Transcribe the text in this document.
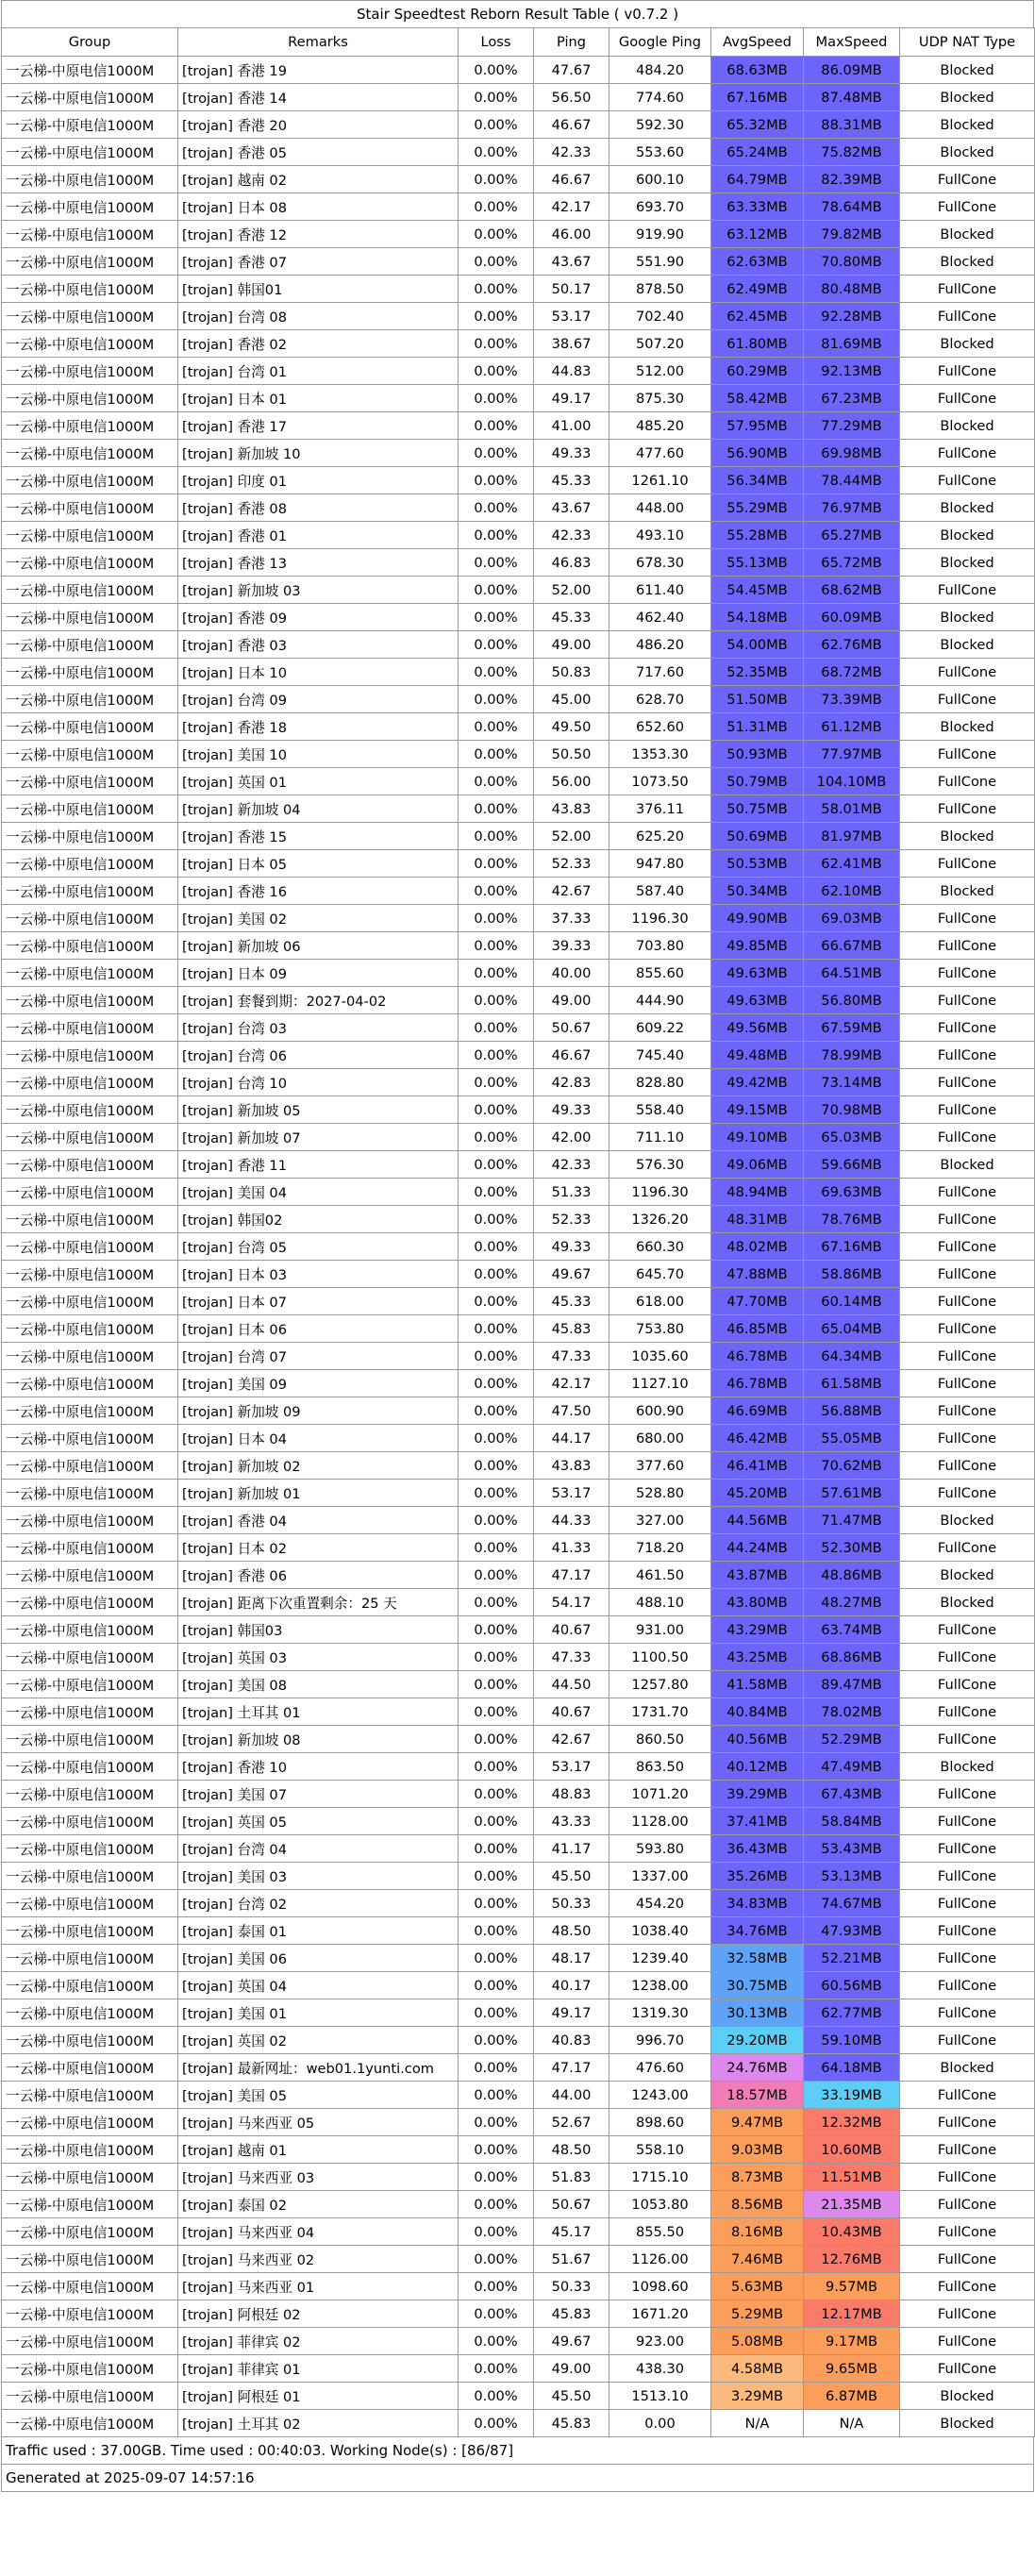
Stair Speedtest Reborn Result Table ( v0.7.2 )
Group	Remarks	Loss	Ping	Google Ping	AvgSpeed	MaxSpeed	UDP NAT Type
一云梯-中原电信1000M	[trojan] 香港 19	0.00%	47.67	484.20	68.63MB	86.09MB	Blocked
一云梯-中原电信1000M	[trojan] 香港 14	0.00%	56.50	774.60	67.16MB	87.48MB	Blocked
一云梯-中原电信1000M	[trojan] 香港 20	0.00%	46.67	592.30	65.32MB	88.31MB	Blocked
一云梯-中原电信1000M	[trojan] 香港 05	0.00%	42.33	553.60	65.24MB	75.82MB	Blocked
一云梯-中原电信1000M	[trojan] 越南 02	0.00%	46.67	600.10	64.79MB	82.39MB	FullCone
一云梯-中原电信1000M	[trojan] 日本 08	0.00%	42.17	693.70	63.33MB	78.64MB	FullCone
一云梯-中原电信1000M	[trojan] 香港 12	0.00%	46.00	919.90	63.12MB	79.82MB	Blocked
一云梯-中原电信1000M	[trojan] 香港 07	0.00%	43.67	551.90	62.63MB	70.80MB	Blocked
一云梯-中原电信1000M	[trojan] 韩国01	0.00%	50.17	878.50	62.49MB	80.48MB	FullCone
一云梯-中原电信1000M	[trojan] 台湾 08	0.00%	53.17	702.40	62.45MB	92.28MB	FullCone
一云梯-中原电信1000M	[trojan] 香港 02	0.00%	38.67	507.20	61.80MB	81.69MB	Blocked
一云梯-中原电信1000M	[trojan] 台湾 01	0.00%	44.83	512.00	60.29MB	92.13MB	FullCone
一云梯-中原电信1000M	[trojan] 日本 01	0.00%	49.17	875.30	58.42MB	67.23MB	FullCone
一云梯-中原电信1000M	[trojan] 香港 17	0.00%	41.00	485.20	57.95MB	77.29MB	Blocked
一云梯-中原电信1000M	[trojan] 新加坡 10	0.00%	49.33	477.60	56.90MB	69.98MB	FullCone
一云梯-中原电信1000M	[trojan] 印度 01	0.00%	45.33	1261.10	56.34MB	78.44MB	FullCone
一云梯-中原电信1000M	[trojan] 香港 08	0.00%	43.67	448.00	55.29MB	76.97MB	Blocked
一云梯-中原电信1000M	[trojan] 香港 01	0.00%	42.33	493.10	55.28MB	65.27MB	Blocked
一云梯-中原电信1000M	[trojan] 香港 13	0.00%	46.83	678.30	55.13MB	65.72MB	Blocked
一云梯-中原电信1000M	[trojan] 新加坡 03	0.00%	52.00	611.40	54.45MB	68.62MB	FullCone
一云梯-中原电信1000M	[trojan] 香港 09	0.00%	45.33	462.40	54.18MB	60.09MB	Blocked
一云梯-中原电信1000M	[trojan] 香港 03	0.00%	49.00	486.20	54.00MB	62.76MB	Blocked
一云梯-中原电信1000M	[trojan] 日本 10	0.00%	50.83	717.60	52.35MB	68.72MB	FullCone
一云梯-中原电信1000M	[trojan] 台湾 09	0.00%	45.00	628.70	51.50MB	73.39MB	FullCone
一云梯-中原电信1000M	[trojan] 香港 18	0.00%	49.50	652.60	51.31MB	61.12MB	Blocked
一云梯-中原电信1000M	[trojan] 美国 10	0.00%	50.50	1353.30	50.93MB	77.97MB	FullCone
一云梯-中原电信1000M	[trojan] 英国 01	0.00%	56.00	1073.50	50.79MB	104.10MB	FullCone
一云梯-中原电信1000M	[trojan] 新加坡 04	0.00%	43.83	376.11	50.75MB	58.01MB	FullCone
一云梯-中原电信1000M	[trojan] 香港 15	0.00%	52.00	625.20	50.69MB	81.97MB	Blocked
一云梯-中原电信1000M	[trojan] 日本 05	0.00%	52.33	947.80	50.53MB	62.41MB	FullCone
一云梯-中原电信1000M	[trojan] 香港 16	0.00%	42.67	587.40	50.34MB	62.10MB	Blocked
一云梯-中原电信1000M	[trojan] 美国 02	0.00%	37.33	1196.30	49.90MB	69.03MB	FullCone
一云梯-中原电信1000M	[trojan] 新加坡 06	0.00%	39.33	703.80	49.85MB	66.67MB	FullCone
一云梯-中原电信1000M	[trojan] 日本 09	0.00%	40.00	855.60	49.63MB	64.51MB	FullCone
一云梯-中原电信1000M	[trojan] 套餐到期：2027-04-02	0.00%	49.00	444.90	49.63MB	56.80MB	FullCone
一云梯-中原电信1000M	[trojan] 台湾 03	0.00%	50.67	609.22	49.56MB	67.59MB	FullCone
一云梯-中原电信1000M	[trojan] 台湾 06	0.00%	46.67	745.40	49.48MB	78.99MB	FullCone
一云梯-中原电信1000M	[trojan] 台湾 10	0.00%	42.83	828.80	49.42MB	73.14MB	FullCone
一云梯-中原电信1000M	[trojan] 新加坡 05	0.00%	49.33	558.40	49.15MB	70.98MB	FullCone
一云梯-中原电信1000M	[trojan] 新加坡 07	0.00%	42.00	711.10	49.10MB	65.03MB	FullCone
一云梯-中原电信1000M	[trojan] 香港 11	0.00%	42.33	576.30	49.06MB	59.66MB	Blocked
一云梯-中原电信1000M	[trojan] 美国 04	0.00%	51.33	1196.30	48.94MB	69.63MB	FullCone
一云梯-中原电信1000M	[trojan] 韩国02	0.00%	52.33	1326.20	48.31MB	78.76MB	FullCone
一云梯-中原电信1000M	[trojan] 台湾 05	0.00%	49.33	660.30	48.02MB	67.16MB	FullCone
一云梯-中原电信1000M	[trojan] 日本 03	0.00%	49.67	645.70	47.88MB	58.86MB	FullCone
一云梯-中原电信1000M	[trojan] 日本 07	0.00%	45.33	618.00	47.70MB	60.14MB	FullCone
一云梯-中原电信1000M	[trojan] 日本 06	0.00%	45.83	753.80	46.85MB	65.04MB	FullCone
一云梯-中原电信1000M	[trojan] 台湾 07	0.00%	47.33	1035.60	46.78MB	64.34MB	FullCone
一云梯-中原电信1000M	[trojan] 美国 09	0.00%	42.17	1127.10	46.78MB	61.58MB	FullCone
一云梯-中原电信1000M	[trojan] 新加坡 09	0.00%	47.50	600.90	46.69MB	56.88MB	FullCone
一云梯-中原电信1000M	[trojan] 日本 04	0.00%	44.17	680.00	46.42MB	55.05MB	FullCone
一云梯-中原电信1000M	[trojan] 新加坡 02	0.00%	43.83	377.60	46.41MB	70.62MB	FullCone
一云梯-中原电信1000M	[trojan] 新加坡 01	0.00%	53.17	528.80	45.20MB	57.61MB	FullCone
一云梯-中原电信1000M	[trojan] 香港 04	0.00%	44.33	327.00	44.56MB	71.47MB	Blocked
一云梯-中原电信1000M	[trojan] 日本 02	0.00%	41.33	718.20	44.24MB	52.30MB	FullCone
一云梯-中原电信1000M	[trojan] 香港 06	0.00%	47.17	461.50	43.87MB	48.86MB	Blocked
一云梯-中原电信1000M	[trojan] 距离下次重置剩余：25 天	0.00%	54.17	488.10	43.80MB	48.27MB	Blocked
一云梯-中原电信1000M	[trojan] 韩国03	0.00%	40.67	931.00	43.29MB	63.74MB	FullCone
一云梯-中原电信1000M	[trojan] 英国 03	0.00%	47.33	1100.50	43.25MB	68.86MB	FullCone
一云梯-中原电信1000M	[trojan] 美国 08	0.00%	44.50	1257.80	41.58MB	89.47MB	FullCone
一云梯-中原电信1000M	[trojan] 土耳其 01	0.00%	40.67	1731.70	40.84MB	78.02MB	FullCone
一云梯-中原电信1000M	[trojan] 新加坡 08	0.00%	42.67	860.50	40.56MB	52.29MB	FullCone
一云梯-中原电信1000M	[trojan] 香港 10	0.00%	53.17	863.50	40.12MB	47.49MB	Blocked
一云梯-中原电信1000M	[trojan] 美国 07	0.00%	48.83	1071.20	39.29MB	67.43MB	FullCone
一云梯-中原电信1000M	[trojan] 英国 05	0.00%	43.33	1128.00	37.41MB	58.84MB	FullCone
一云梯-中原电信1000M	[trojan] 台湾 04	0.00%	41.17	593.80	36.43MB	53.43MB	FullCone
一云梯-中原电信1000M	[trojan] 美国 03	0.00%	45.50	1337.00	35.26MB	53.13MB	FullCone
一云梯-中原电信1000M	[trojan] 台湾 02	0.00%	50.33	454.20	34.83MB	74.67MB	FullCone
一云梯-中原电信1000M	[trojan] 泰国 01	0.00%	48.50	1038.40	34.76MB	47.93MB	FullCone
一云梯-中原电信1000M	[trojan] 美国 06	0.00%	48.17	1239.40	32.58MB	52.21MB	FullCone
一云梯-中原电信1000M	[trojan] 英国 04	0.00%	40.17	1238.00	30.75MB	60.56MB	FullCone
一云梯-中原电信1000M	[trojan] 美国 01	0.00%	49.17	1319.30	30.13MB	62.77MB	FullCone
一云梯-中原电信1000M	[trojan] 英国 02	0.00%	40.83	996.70	29.20MB	59.10MB	FullCone
一云梯-中原电信1000M	[trojan] 最新网址：web01.1yunti.com	0.00%	47.17	476.60	24.76MB	64.18MB	Blocked
一云梯-中原电信1000M	[trojan] 美国 05	0.00%	44.00	1243.00	18.57MB	33.19MB	FullCone
一云梯-中原电信1000M	[trojan] 马来西亚 05	0.00%	52.67	898.60	9.47MB	12.32MB	FullCone
一云梯-中原电信1000M	[trojan] 越南 01	0.00%	48.50	558.10	9.03MB	10.60MB	FullCone
一云梯-中原电信1000M	[trojan] 马来西亚 03	0.00%	51.83	1715.10	8.73MB	11.51MB	FullCone
一云梯-中原电信1000M	[trojan] 泰国 02	0.00%	50.67	1053.80	8.56MB	21.35MB	FullCone
一云梯-中原电信1000M	[trojan] 马来西亚 04	0.00%	45.17	855.50	8.16MB	10.43MB	FullCone
一云梯-中原电信1000M	[trojan] 马来西亚 02	0.00%	51.67	1126.00	7.46MB	12.76MB	FullCone
一云梯-中原电信1000M	[trojan] 马来西亚 01	0.00%	50.33	1098.60	5.63MB	9.57MB	FullCone
一云梯-中原电信1000M	[trojan] 阿根廷 02	0.00%	45.83	1671.20	5.29MB	12.17MB	FullCone
一云梯-中原电信1000M	[trojan] 菲律宾 02	0.00%	49.67	923.00	5.08MB	9.17MB	FullCone
一云梯-中原电信1000M	[trojan] 菲律宾 01	0.00%	49.00	438.30	4.58MB	9.65MB	FullCone
一云梯-中原电信1000M	[trojan] 阿根廷 01	0.00%	45.50	1513.10	3.29MB	6.87MB	Blocked
一云梯-中原电信1000M	[trojan] 土耳其 02	0.00%	45.83	0.00	N/A	N/A	Blocked
Traffic used : 37.00GB. Time used : 00:40:03. Working Node(s) : [86/87]
Generated at 2025-09-07 14:57:16
